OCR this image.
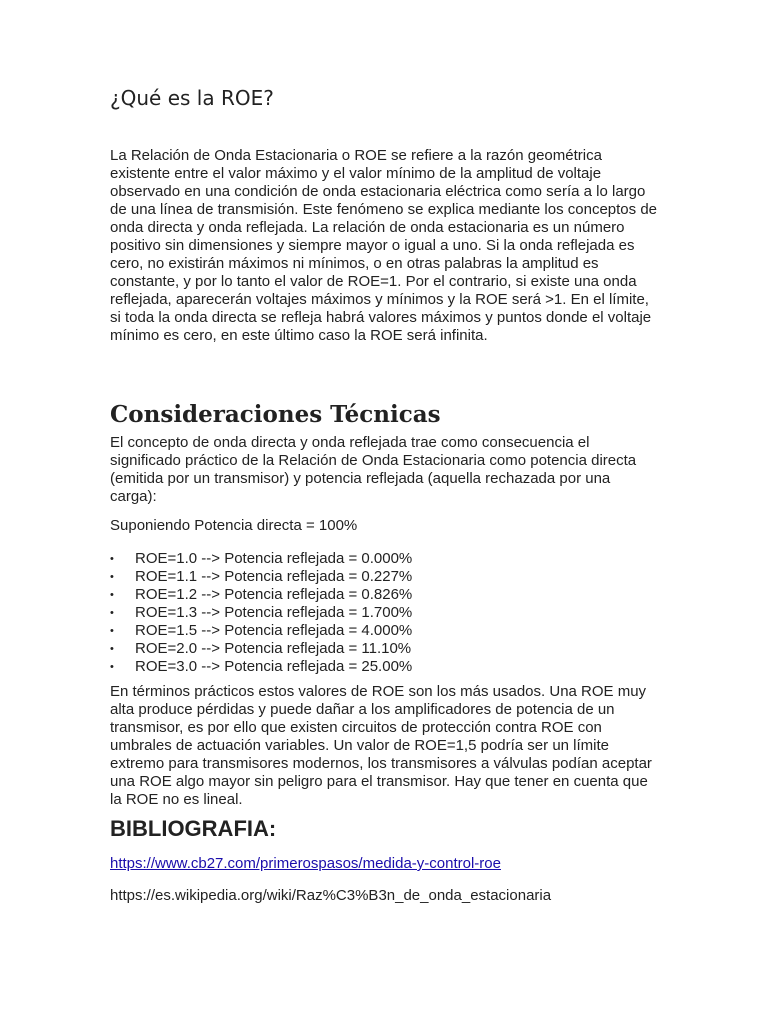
¿Qué es la ROE?

La Relación de Onda Estacionaria o ROE se refiere a la razón geométrica existente entre el valor máximo y el valor mínimo de la amplitud de voltaje observado en una condición de onda estacionaria eléctrica como sería a lo largo de una línea de transmisión. Este fenómeno se explica mediante los conceptos de onda directa y onda reflejada. La relación de onda estacionaria es un número positivo sin dimensiones y siempre mayor o igual a uno. Si la onda reflejada es cero, no existirán máximos ni mínimos, o en otras palabras la amplitud es constante, y por lo tanto el valor de ROE=1. Por el contrario, si existe una onda reflejada, aparecerán voltajes máximos y mínimos y la ROE será >1. En el límite, si toda la onda directa se refleja habrá valores máximos y puntos donde el voltaje mínimo es cero, en este último caso la ROE será infinita.

Consideraciones Técnicas

El concepto de onda directa y onda reflejada trae como consecuencia el significado práctico de la Relación de Onda Estacionaria como potencia directa (emitida por un transmisor) y potencia reflejada (aquella rechazada por una carga):

Suponiendo Potencia directa = 100%

•	ROE=1.0 --> Potencia reflejada = 0.000%
•	ROE=1.1 --> Potencia reflejada = 0.227%
•	ROE=1.2 --> Potencia reflejada = 0.826%
•	ROE=1.3 --> Potencia reflejada = 1.700%
•	ROE=1.5 --> Potencia reflejada = 4.000%
•	ROE=2.0 --> Potencia reflejada = 11.10%
•	ROE=3.0 --> Potencia reflejada = 25.00%

En términos prácticos estos valores de ROE son los más usados. Una ROE muy alta produce pérdidas y puede dañar a los amplificadores de potencia de un transmisor, es por ello que existen circuitos de protección contra ROE con umbrales de actuación variables. Un valor de ROE=1,5 podría ser un límite extremo para transmisores modernos, los transmisores a válvulas podían aceptar una ROE algo mayor sin peligro para el transmisor. Hay que tener en cuenta que la ROE no es lineal.

BIBLIOGRAFIA:

https://www.cb27.com/primerospasos/medida-y-control-roe

https://es.wikipedia.org/wiki/Raz%C3%B3n_de_onda_estacionaria
